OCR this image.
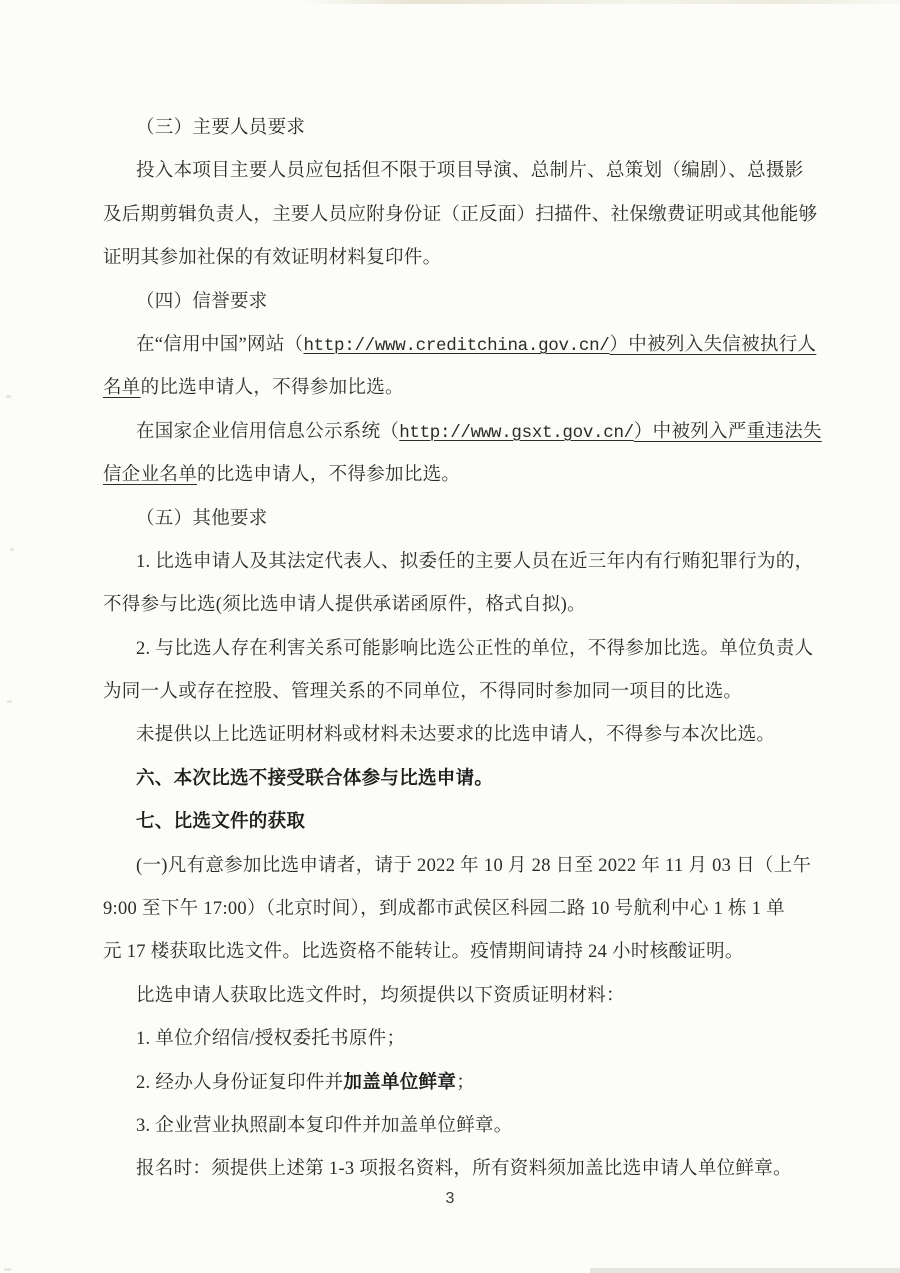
（三）主要人员要求
投入本项目主要人员应包括但不限于项目导演、总制片、总策划（编剧）、总摄影
及后期剪辑负责人，主要人员应附身份证（正反面）扫描件、社保缴费证明或其他能够
证明其参加社保的有效证明材料复印件。
（四）信誉要求
在“信用中国”网站（http://www.creditchina.gov.cn/）中被列入失信被执行人
名单的比选申请人，不得参加比选。
在国家企业信用信息公示系统（http://www.gsxt.gov.cn/）中被列入严重违法失
信企业名单的比选申请人，不得参加比选。
（五）其他要求
1. 比选申请人及其法定代表人、拟委任的主要人员在近三年内有行贿犯罪行为的，
不得参与比选(须比选申请人提供承诺函原件，格式自拟)。
2. 与比选人存在利害关系可能影响比选公正性的单位，不得参加比选。单位负责人
为同一人或存在控股、管理关系的不同单位，不得同时参加同一项目的比选。
未提供以上比选证明材料或材料未达要求的比选申请人，不得参与本次比选。
六、本次比选不接受联合体参与比选申请。
七、比选文件的获取
(一)凡有意参加比选申请者，请于 2022 年 10 月 28 日至 2022 年 11 月 03 日（上午
9:00 至下午 17:00）（北京时间），到成都市武侯区科园二路 10 号航利中心 1 栋 1 单
元 17 楼获取比选文件。比选资格不能转让。疫情期间请持 24 小时核酸证明。
比选申请人获取比选文件时，均须提供以下资质证明材料：
1. 单位介绍信/授权委托书原件；
2. 经办人身份证复印件并加盖单位鲜章；
3. 企业营业执照副本复印件并加盖单位鲜章。
报名时：须提供上述第 1-3 项报名资料，所有资料须加盖比选申请人单位鲜章。
3
